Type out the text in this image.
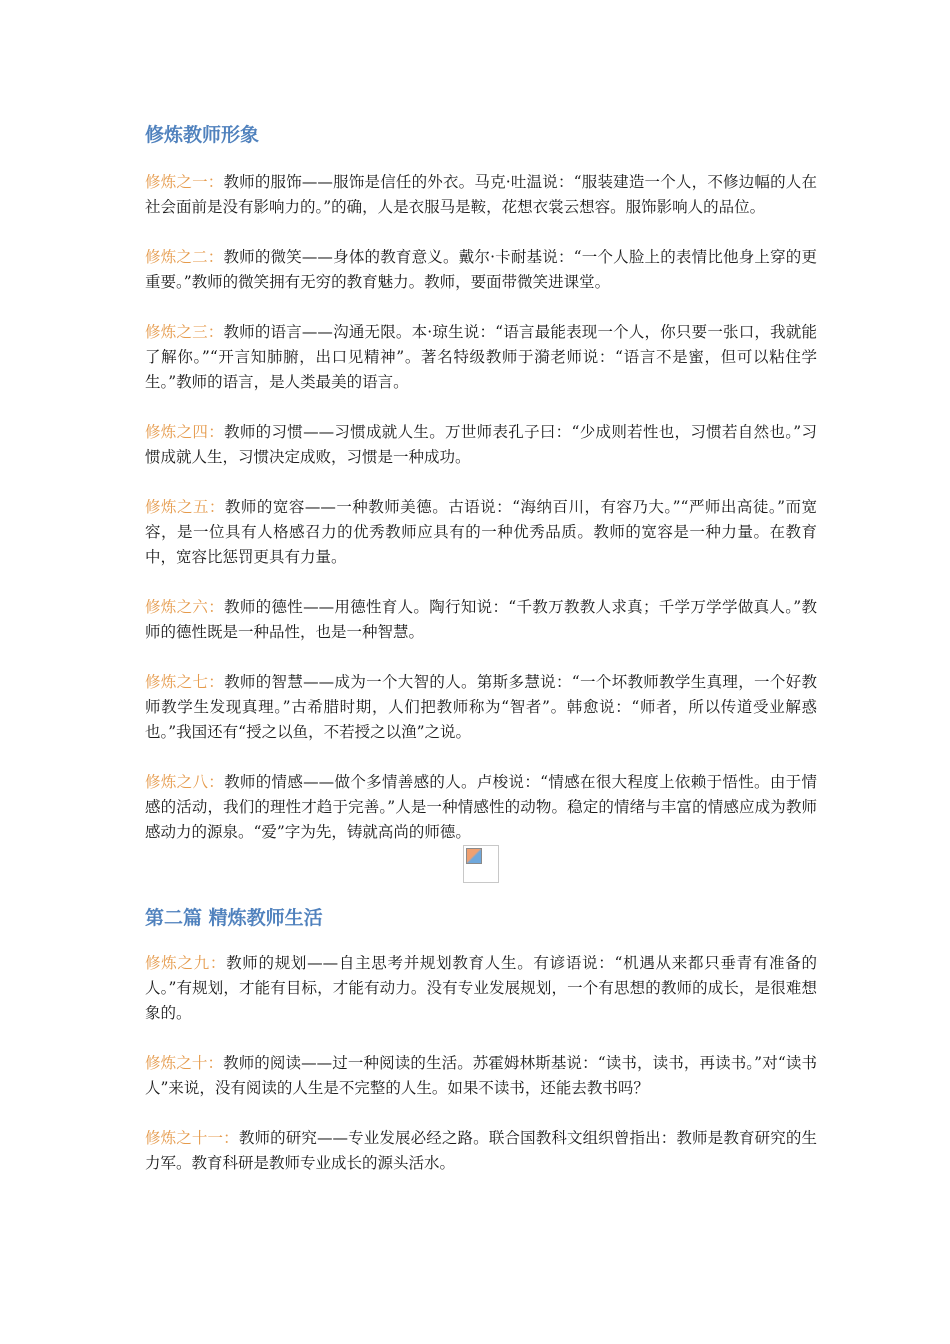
修炼教师形象

修炼之一：教师的服饰——服饰是信任的外衣。马克·吐温说：“服装建造一个人，不修边幅的人在社会面前是没有影响力的。”的确，人是衣服马是鞍，花想衣裳云想容。服饰影响人的品位。

修炼之二：教师的微笑——身体的教育意义。戴尔·卡耐基说：“一个人脸上的表情比他身上穿的更重要。”教师的微笑拥有无穷的教育魅力。教师，要面带微笑进课堂。

修炼之三：教师的语言——沟通无限。本·琼生说：“语言最能表现一个人，你只要一张口，我就能了解你。”“开言知肺腑，出口见精神”。著名特级教师于漪老师说：“语言不是蜜，但可以粘住学生。”教师的语言，是人类最美的语言。

修炼之四：教师的习惯——习惯成就人生。万世师表孔子曰：“少成则若性也，习惯若自然也。”习惯成就人生，习惯决定成败，习惯是一种成功。

修炼之五：教师的宽容——一种教师美德。古语说：“海纳百川，有容乃大。”“严师出高徒。”而宽容，是一位具有人格感召力的优秀教师应具有的一种优秀品质。教师的宽容是一种力量。在教育中，宽容比惩罚更具有力量。

修炼之六：教师的德性——用德性育人。陶行知说：“千教万教教人求真；千学万学学做真人。”教师的德性既是一种品性，也是一种智慧。

修炼之七：教师的智慧——成为一个大智的人。第斯多慧说：“一个坏教师教学生真理，一个好教师教学生发现真理。”古希腊时期，人们把教师称为“智者”。韩愈说：“师者，所以传道受业解惑也。”我国还有“授之以鱼，不若授之以渔”之说。

修炼之八：教师的情感——做个多情善感的人。卢梭说：“情感在很大程度上依赖于悟性。由于情感的活动，我们的理性才趋于完善。”人是一种情感性的动物。稳定的情绪与丰富的情感应成为教师感动力的源泉。“爱”字为先，铸就高尚的师德。

第二篇 精炼教师生活

修炼之九：教师的规划——自主思考并规划教育人生。有谚语说：“机遇从来都只垂青有准备的人。”有规划，才能有目标，才能有动力。没有专业发展规划，一个有思想的教师的成长，是很难想象的。

修炼之十：教师的阅读——过一种阅读的生活。苏霍姆林斯基说：“读书，读书，再读书。”对“读书人”来说，没有阅读的人生是不完整的人生。如果不读书，还能去教书吗？

修炼之十一：教师的研究——专业发展必经之路。联合国教科文组织曾指出：教师是教育研究的生力军。教育科研是教师专业成长的源头活水。
